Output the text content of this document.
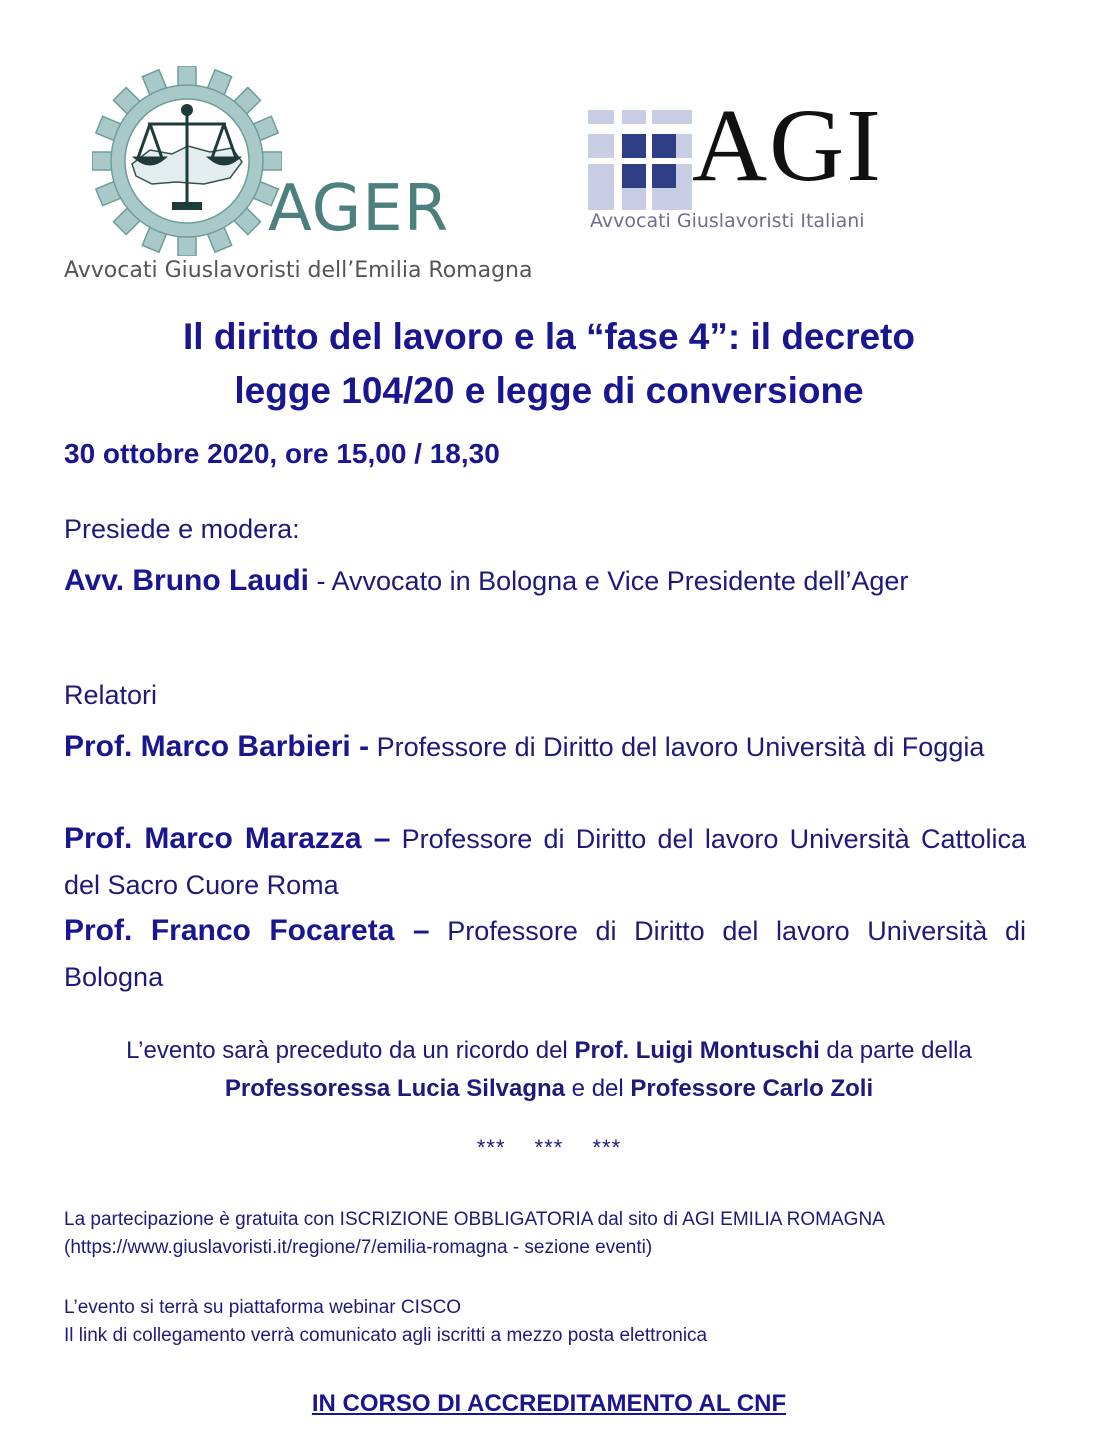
AGER
Avvocati Giuslavoristi dell’Emilia Romagna
AGI
Avvocati Giuslavoristi Italiani
Il diritto del lavoro e la “fase 4”: il decreto
legge 104/20 e legge di conversione
30 ottobre 2020, ore 15,00 / 18,30
Presiede e modera:
Avv. Bruno Laudi - Avvocato in Bologna e Vice Presidente dell’Ager
Relatori
Prof. Marco Barbieri - Professore di Diritto del lavoro Università di Foggia
Prof. Marco Marazza – Professore di Diritto del lavoro Università Cattolica del Sacro Cuore Roma
Prof. Franco Focareta – Professore di Diritto del lavoro Università di Bologna
L’evento sarà preceduto da un ricordo del Prof. Luigi Montuschi da parte della Professoressa Lucia Silvagna e del Professore Carlo Zoli
*** *** ***
La partecipazione è gratuita con ISCRIZIONE OBBLIGATORIA dal sito di AGI EMILIA ROMAGNA
(https://www.giuslavoristi.it/regione/7/emilia-romagna - sezione eventi)
L’evento si terrà su piattaforma webinar CISCO
Il link di collegamento verrà comunicato agli iscritti a mezzo posta elettronica
IN CORSO DI ACCREDITAMENTO AL CNF
